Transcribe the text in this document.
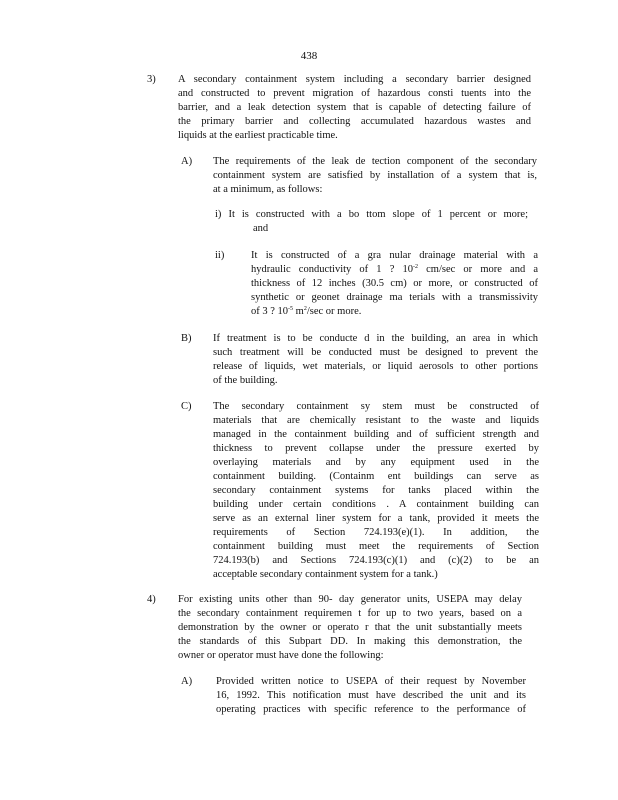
438
3) A secondary containment system including a secondary barrier designed
and constructed to prevent migration of hazardous consti tuents into the
barrier, and a leak detection system that is capable of detecting failure of
the primary barrier and collecting accumulated hazardous wastes and
liquids at the earliest practicable time.
A) The requirements of the leak de tection component of the secondary
containment system are satisfied by installation of a system that is,
at a minimum, as follows:
i) It is constructed with a bo ttom slope of 1 percent or more;
and
ii)	It is constructed of a gra nular drainage material with a
hydraulic conductivity of 1 ? $10^{-2}$ cm/sec or more and a
thickness of 12 inches (30.5 cm) or more, or constructed of
synthetic or geonet drainage ma terials with a transmissivity
of 3 ? $10^{-5}$ $m^2/\sec$ or more.
B) If treatment is to be conducte d in the building, an area in which
such treatment will be conducted must be designed to prevent the
release of liquids, wet materials, or liquid aerosols to other portions
of the building.
C) The secondary containment sy stem must be constructed of
materials that are chemically resistant to the waste and liquids
managed in the containment building and of sufficient strength and
thickness to prevent collapse under the pressure exerted by
overlaying materials and by any equipment used in the
containment building. (Containm ent buildings can serve as
secondary containment systems for tanks placed within the
building under certain conditions . A containment building can
serve as an external liner system for a tank, provided it meets the
requirements of Section 724.193(e)(1). In addition, the
containment building must meet the requirements of Section
724.193(b) and Sections 724.193(c)(1) and (c)(2) to be an
acceptable secondary containment system for a tank.)
4) For existing units other than 90- day generator units, USEPA may delay
the secondary containment requiremen t for up to two years, based on a
demonstration by the owner or operato r that the unit substantially meets
the standards of this Subpart DD. In making this demonstration, the
owner or operator must have done the following:
A) Provided written notice to USEPA of their request by November
16, 1992. This notification must have described the unit and its
operating practices with specific reference to the performance of
